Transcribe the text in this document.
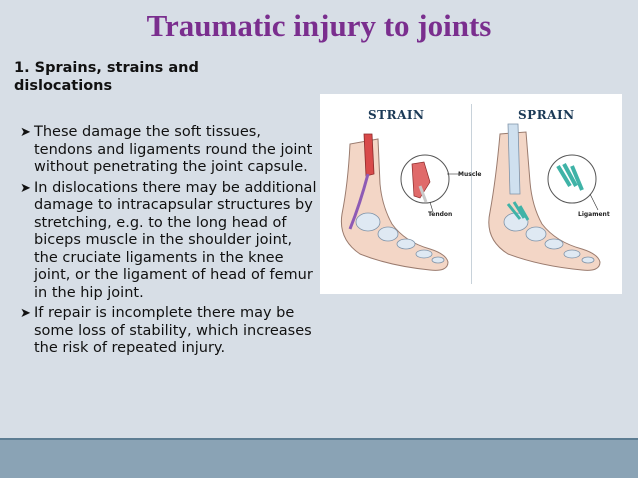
Traumatic injury to joints
1. Sprains, strains and dislocations
➤ These damage the soft tissues, tendons and ligaments round the joint without penetrating the joint capsule.
➤ In dislocations there may be additional damage to intracapsular structures by stretching, e.g. to the long head of biceps muscle in the shoulder joint, the cruciate ligaments in the knee joint, or the ligament of head of femur in the hip joint.
➤ If repair is incomplete there may be some loss of stability, which increases the risk of repeated injury.
STRAIN	SPRAIN
Muscle
Tendon	Ligament
